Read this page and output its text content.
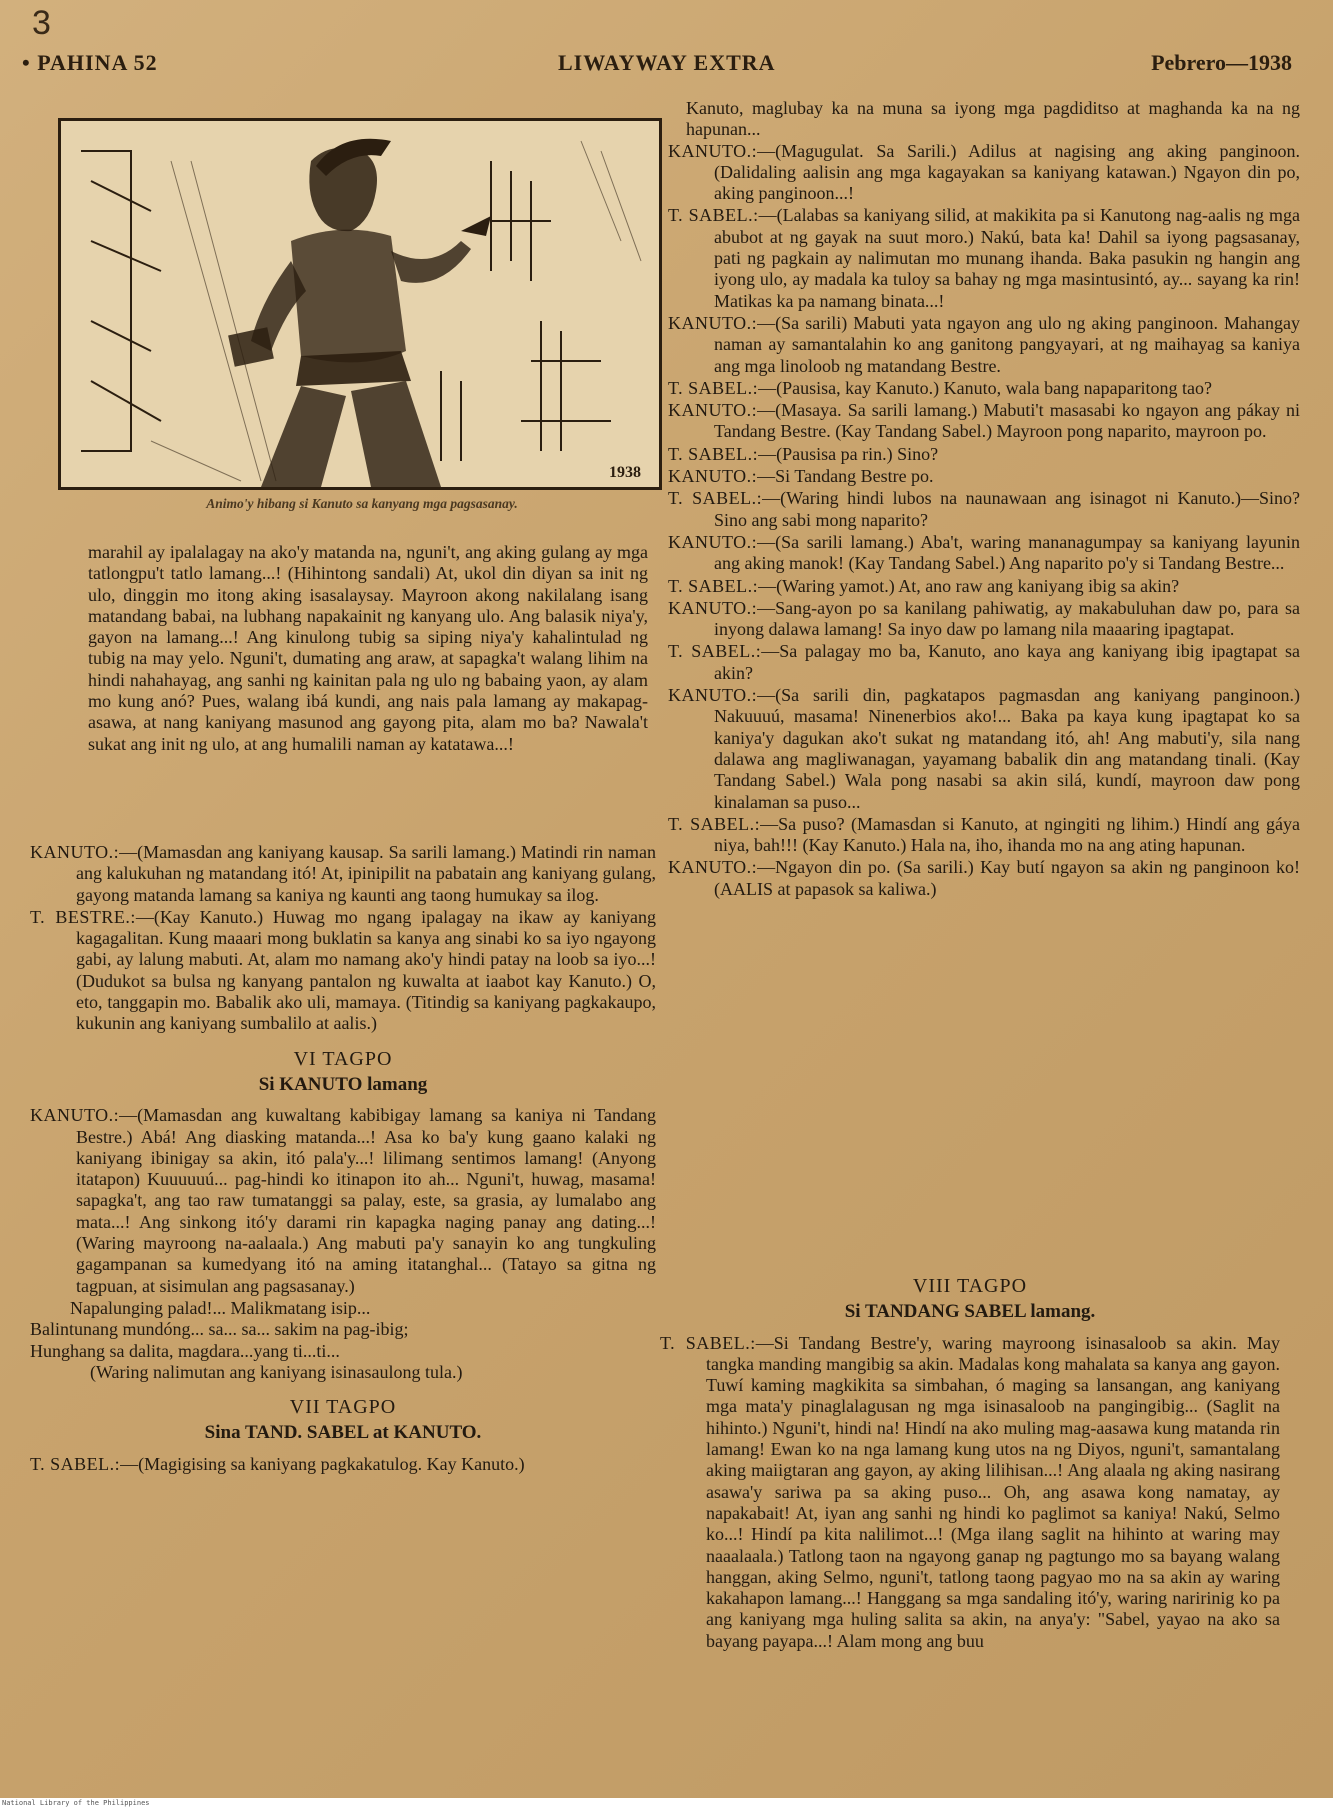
3
• PAHINA 52	LIWAYWAY EXTRA	Pebrero—1938
1938
Animo'y hibang si Kanuto sa kanyang mga pagsasanay.

marahil ay ipalalagay na ako'y matanda na, nguni't, ang aking gulang ay mga tatlongpu't tatlo lamang...! (Hihintong sandali) At, ukol din diyan sa init ng ulo, dinggin mo itong aking isasalaysay. Mayroon akong nakilalang isang matandang babai, na lubhang napakainit ng kanyang ulo. Ang balasik niya'y, gayon na lamang...! Ang kinulong tubig sa siping niya'y kahalintulad ng tubig na may yelo. Nguni't, dumating ang araw, at sapagka't walang lihim na hindi nahahayag, ang sanhi ng kainitan pala ng ulo ng babaing yaon, ay alam mo kung anó? Pues, walang ibá kundi, ang nais pala lamang ay makapag-asawa, at nang kaniyang masunod ang gayong pita, alam mo ba? Nawala't sukat ang init ng ulo, at ang humalili naman ay katatawa...!

KANUTO.:—(Mamasdan ang kaniyang kausap. Sa sarili lamang.) Matindi rin naman ang kalukuhan ng matandang itó! At, ipinipilit na pabatain ang kaniyang gulang, gayong matanda lamang sa kaniya ng kaunti ang taong humukay sa ilog.

T. BESTRE.:—(Kay Kanuto.) Huwag mo ngang ipalagay na ikaw ay kaniyang kagagalitan. Kung maaari mong buklatin sa kanya ang sinabi ko sa iyo ngayong gabi, ay lalung mabuti. At, alam mo namang ako'y hindi patay na loob sa iyo...! (Dudukot sa bulsa ng kanyang pantalon ng kuwalta at iaabot kay Kanuto.) O, eto, tanggapin mo. Babalik ako uli, mamaya. (Titindig sa kaniyang pagkakaupo, kukunin ang kaniyang sumbalilo at aalis.)

VI TAGPO

Si KANUTO lamang

KANUTO.:—(Mamasdan ang kuwaltang kabibigay lamang sa kaniya ni Tandang Bestre.) Abá! Ang diasking matanda...! Asa ko ba'y kung gaano kalaki ng kaniyang ibinigay sa akin, itó pala'y...! lilimang sentimos lamang! (Anyong itatapon) Kuuuuuú... pag-hindi ko itinapon ito ah... Nguni't, huwag, masama! sapagka't, ang tao raw tumatanggi sa palay, este, sa grasia, ay lumalabo ang mata...! Ang sinkong itó'y darami rin kapagka naging panay ang dating...! (Waring mayroong na-aalaala.) Ang mabuti pa'y sanayin ko ang tungkuling gagampanan sa kumedyang itó na aming itatanghal... (Tatayo sa gitna ng tagpuan, at sisimulan ang pagsasanay.)

Napalunging palad!... Malikmatang isip...

Balintunang mundóng... sa... sa... sakim na pag-ibig;

Hunghang sa dalita, magdara...yang ti...ti...

(Waring nalimutan ang kaniyang isinasaulong tula.)

VII TAGPO

Sina TAND. SABEL at KANUTO.

T. SABEL.:—(Magigising sa kaniyang pagkakatulog. Kay Kanuto.)

Kanuto, maglubay ka na muna sa iyong mga pagdiditso at maghanda ka na ng hapunan...

KANUTO.:—(Magugulat. Sa Sarili.) Adilus at nagising ang aking panginoon. (Dalidaling aalisin ang mga kagayakan sa kaniyang katawan.) Ngayon din po, aking panginoon...!

T. SABEL.:—(Lalabas sa kaniyang silid, at makikita pa si Kanutong nag-aalis ng mga abubot at ng gayak na suut moro.) Nakú, bata ka! Dahil sa iyong pagsasanay, pati ng pagkain ay nalimutan mo munang ihanda. Baka pasukin ng hangin ang iyong ulo, ay madala ka tuloy sa bahay ng mga masintusintó, ay... sayang ka rin! Matikas ka pa namang binata...!

KANUTO.:—(Sa sarili) Mabuti yata ngayon ang ulo ng aking panginoon. Mahangay naman ay samantalahin ko ang ganitong pangyayari, at ng maihayag sa kaniya ang mga linoloob ng matandang Bestre.

T. SABEL.:—(Pausisa, kay Kanuto.) Kanuto, wala bang napaparitong tao?

KANUTO.:—(Masaya. Sa sarili lamang.) Mabuti't masasabi ko ngayon ang pákay ni Tandang Bestre. (Kay Tandang Sabel.) Mayroon pong naparito, mayroon po.

T. SABEL.:—(Pausisa pa rin.) Sino?

KANUTO.:—Si Tandang Bestre po.

T. SABEL.:—(Waring hindi lubos na naunawaan ang isinagot ni Kanuto.)—Sino? Sino ang sabi mong naparito?

KANUTO.:—(Sa sarili lamang.) Aba't, waring mananagumpay sa kaniyang layunin ang aking manok! (Kay Tandang Sabel.) Ang naparito po'y si Tandang Bestre...

T. SABEL.:—(Waring yamot.) At, ano raw ang kaniyang ibig sa akin?

KANUTO.:—Sang-ayon po sa kanilang pahiwatig, ay makabuluhan daw po, para sa inyong dalawa lamang! Sa inyo daw po lamang nila maaaring ipagtapat.

T. SABEL.:—Sa palagay mo ba, Kanuto, ano kaya ang kaniyang ibig ipagtapat sa akin?

KANUTO.:—(Sa sarili din, pagkatapos pagmasdan ang kaniyang panginoon.) Nakuuuú, masama! Ninenerbios ako!... Baka pa kaya kung ipagtapat ko sa kaniya'y dagukan ako't sukat ng matandang itó, ah! Ang mabuti'y, sila nang dalawa ang magliwanagan, yayamang babalik din ang matandang tinali. (Kay Tandang Sabel.) Wala pong nasabi sa akin silá, kundí, mayroon daw pong kinalaman sa puso...

T. SABEL.:—Sa puso? (Mamasdan si Kanuto, at ngingiti ng lihim.) Hindí ang gáya niya, bah!!! (Kay Kanuto.) Hala na, iho, ihanda mo na ang ating hapunan.

KANUTO.:—Ngayon din po. (Sa sarili.) Kay butí ngayon sa akin ng panginoon ko! (AALIS at papasok sa kaliwa.)

VIII TAGPO

Si TANDANG SABEL lamang.

T. SABEL.:—Si Tandang Bestre'y, waring mayroong isinasaloob sa akin. May tangka manding mangibig sa akin. Madalas kong mahalata sa kanya ang gayon. Tuwí kaming magkikita sa simbahan, ó maging sa lansangan, ang kaniyang mga mata'y pinaglalagusan ng mga isinasaloob na pangingibig... (Saglit na hihinto.) Nguni't, hindi na! Hindí na ako muling mag-aasawa kung matanda rin lamang! Ewan ko na nga lamang kung utos na ng Diyos, nguni't, samantalang aking maiigtaran ang gayon, ay aking lilihisan...! Ang alaala ng aking nasirang asawa'y sariwa pa sa aking puso... Oh, ang asawa kong namatay, ay napakabait! At, iyan ang sanhi ng hindi ko paglimot sa kaniya! Nakú, Selmo ko...! Hindí pa kita nalilimot...! (Mga ilang saglit na hihinto at waring may naaalaala.) Tatlong taon na ngayong ganap ng pagtungo mo sa bayang walang hanggan, aking Selmo, nguni't, tatlong taong pagyao mo na sa akin ay waring kakahapon lamang...! Hanggang sa mga sandaling itó'y, waring naririnig ko pa ang kaniyang mga huling salita sa akin, na anya'y: "Sabel, yayao na ako sa bayang payapa...! Alam mong ang buu

National Library of the Philippines
